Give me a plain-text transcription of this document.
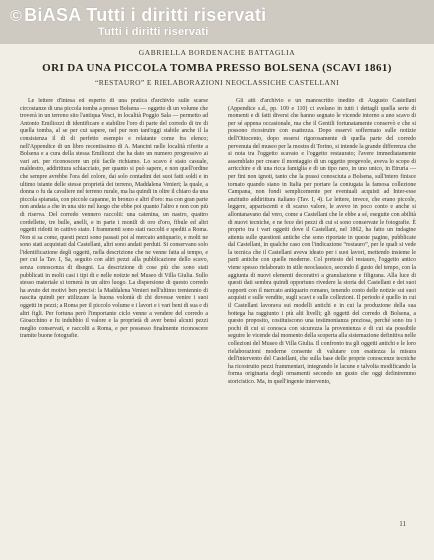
© BiASA Tutti i diritti riservati
Tutti i diritti riservati
GABRIELLA BORDENACHE BATTAGLIA
ORI DA UNA PICCOLA TOMBA PRESSO BOLSENA (SCAVI 1861)
“RESTAURO” E RIELABORAZIONI NEOCLASSICHE CASTELLANI

Le lettere d'intesa ed esperto di una pratica d'archivio sulle scarse circostanze di una piccola tomba a presso Bolsena — oggetto di un volume che troverà in un terreno sito l'antiqua Vesci, in località Poggio Sala — permetto ad Antonio Emiliozzi di identificare e stabilire l'oro di parte del corredo di tre di quella tomba, al se per cui sapere, nel pur non tant'oggi stabile anche il la consistenza il di di perfetto esempio e relatante come fra elenco; nell'Appendice di un libro recentissimo di A. Mancini nelle località riferite a Bolsena e a cura della stessa Emiliozzi che ha dato un numero progressivo ai vari art. per riconoscere un più facile richiamo. Lo scavo è stato casuale, maldestro, addirittura schiacciato, per quanto si può sapere, e non quell'ordine che sempre avrebbe l'ora del colore, dai solo contadini dei suoi fatti soldi e in ultimo istante delle stesse proprietà dei terreno, Maddalena Venieri; la quale, a donna o fu da cavaliere nel terreno rurale, ma ha quindi in oltre il chiaro da una piccola spianata, con piccole capanne, in bronzo e altri d'oro: ma con gran parte non andata a che in una sito nel luogo che ebbe poi quanto l'altro e non con più di riserva. Del corredo vennero raccolti: una catenina, un nastro, quattro cordellette, tre bulle, anelli, e in parte i monili di oro d'oro, fibule ed altri oggetti ridotti in cattivo stato. I frammenti sono stati raccolti e spediti a Roma. Non si sa come, questi pezzi sono passati poi al mercato antiquario, e molti ne sono stati acquistati dal Castellani, altri sono andati perduti. Si conservano solo l'identificazione degli oggetti, nella descrizione che ne venne fatta al tempo, e per cui la Tav. I, Sa, seguito con altri pezzi alla pubblicazione dello scavo, senza conoscenza di disegni. La descrizione di cose più che sono stati pubblicati in molti casi i tipi di e nelle notizie nel Museo di Villa Giulia. Sullo stesso materiale si tornerà in un altro luogo. La dispersione di questo corredo ha avuto dei motivi ben precisi: la Maddalena Venieri nell'ultimo trentennio di nascita quindi per utilizzare la buona volontà di chi dovesse venire i suoi oggetti in pezzi; a Roma per il piccolo volume e i lavori e i vari beni di sua e di altri figli. Per fortuna però l'importante ciclo venne a vendere del corredo a Gioacchino e fu indubbio il valore e la proprietà di aver bensì alcuni pezzi meglio conservati, e raccolti a Roma, e per possesso finalmente riconoscere tramite buone fotografie.

Gli atti d'archivio e un manoscritto inedito di Augusto Castellani (Appendice s.d., pp. 109 e 110) ci svelano in tutti i dettagli quella serie di momenti e di fatti diversi che hanno segnato le vicende intorno a uno scavo di per sé appena occasionale, ma che il Gentili fortunatamente conservò e che si possono ricostruire con esattezza. Dopo esservi soffermato sulle notizie dell'Ottocento, dopo essersi rigorosamente di quella parte del corredo pervenuta del museo per la mostra di Torino, si intende la grande differenza che si nota tra l'oggetto scavato e l'oggetto restaurato; l'avere immediatamente assemblato per creare il montaggio di un oggetto pregevole, aveva lo scopo di arricchire e di una ricca famiglia e di un tipo raro, in uno unico, in Etruria — per fini non ignoti, tanto che la prassi conosciuta a Bolsena, sull'intero finisce tornato quando siano in Italia per portare la coniugata la famosa collezione Campana, non fondi semplicemente per eventuali acquisti ad Inter-esse anzitutto addirittura italiano (Tav. I, 4). Le lettere, invece, che erano piccole, leggere, appariscenti e di scarso valore, le avevo in poco conto e anche si allontanavano dal vero, come a Castellani che le ebbe a sé, eseguite con abilità di nuovi tecniche, e ne fece dei pezzi di cui si sono conservate le fotografie. È proprio tra i vari oggetti dove il Castellani, nel 1862, ha fatto un indagine attenta sulle questioni antiche che sono riportate in queste pagine, pubblicate dal Castellani, in qualche caso con l'indicazione “restauro”, per le quali si vede la tecnica che il Castellani aveva ideato per i suoi lavori, mettendo insieme le parti antiche con quelle moderne. Col pretesto del restauro, l'oggetto antico viene spesso rielaborato in stile neoclassico, secondo il gusto del tempo, con la aggiunta di nuovi elementi decorativi a granulazione e filigrana. Alla luce di questi dati sembra quindi opportuno rivedere la storia del Castellani e dei suoi rapporti con il mercato antiquario romano, tenendo conto delle notizie sui suoi acquisti e sulle vendite, sugli scavi e sulle collezioni. Il periodo è quello in cui il Castellani lavorava sui modelli antichi e in cui la produzione della sua bottega ha raggiunto i più alti livelli; gli oggetti del corredo di Bolsena, a questo proposito, costituiscono una testimonianza preziosa, perché sono tra i pochi di cui si conosca con sicurezza la provenienza e di cui sia possibile seguire le vicende dal momento della scoperta alla sistemazione definitiva nelle collezioni del Museo di Villa Giulia. Il confronto tra gli oggetti antichi e le loro rielaborazioni moderne consente di valutare con esattezza la misura dell'intervento del Castellani, che sulla base delle proprie conoscenze tecniche ha ricostruito pezzi frammentari, integrando le lacune e talvolta modificando la forma originaria degli ornamenti secondo un gusto che oggi definiremmo storicistico. Ma, in quell'ingente intervento,

11
